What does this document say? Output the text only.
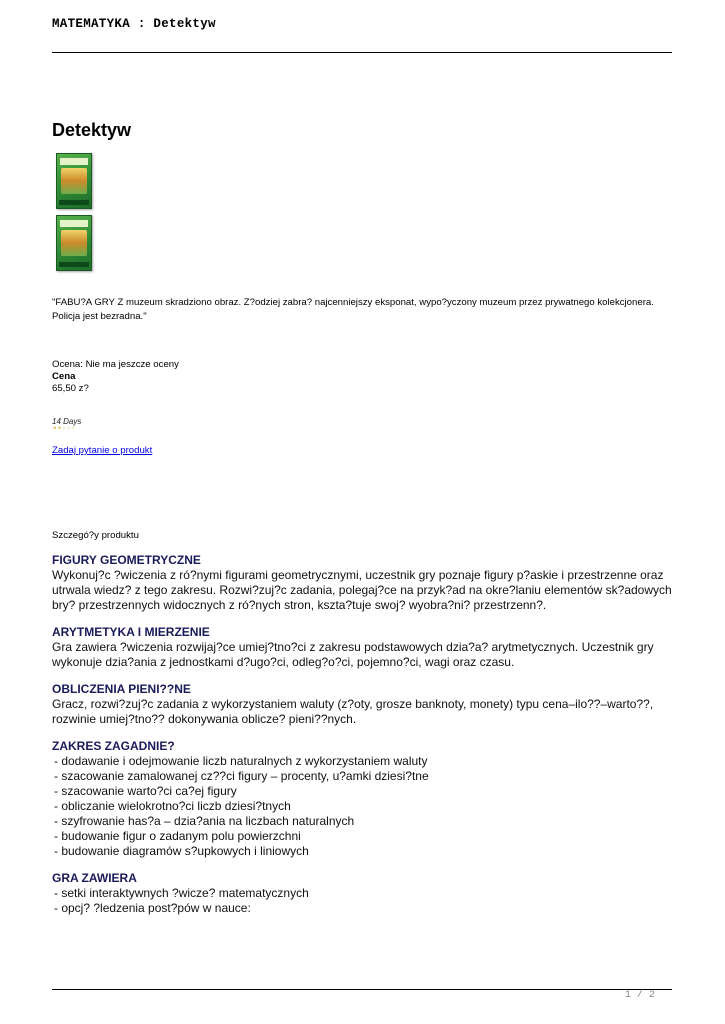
MATEMATYKA : Detektyw
Detektyw
"FABU?A GRY Z muzeum skradziono obraz. Z?odziej zabra? najcenniejszy eksponat, wypo?yczony muzeum przez prywatnego kolekcjonera. Policja jest bezradna."
Ocena: Nie ma jeszcze oceny
Cena
65,50 z?
14 Days
★★☆☆☆
Zadaj pytanie o produkt
Szczegó?y produktu
FIGURY GEOMETRYCZNE

Wykonuj?c ?wiczenia z ró?nymi figurami geometrycznymi, uczestnik gry poznaje figury p?askie i przestrzenne oraz utrwala wiedz? z tego zakresu. Rozwi?zuj?c zadania, polegaj?ce na przyk?ad na okre?laniu elementów sk?adowych bry? przestrzennych widocznych z ró?nych stron, kszta?tuje swoj? wyobra?ni? przestrzenn?.

ARYTMETYKA I MIERZENIE

Gra zawiera ?wiczenia rozwijaj?ce umiej?tno?ci z zakresu podstawowych dzia?a? arytmetycznych. Uczestnik gry wykonuje dzia?ania z jednostkami d?ugo?ci, odleg?o?ci, pojemno?ci, wagi oraz czasu.

OBLICZENIA PIENI??NE

Gracz, rozwi?zuj?c zadania z wykorzystaniem waluty (z?oty, grosze banknoty, monety) typu cena–ilo??–warto??, rozwinie umiej?tno?? dokonywania oblicze? pieni??nych.

ZAKRES ZAGADNIE?
- dodawanie i odejmowanie liczb naturalnych z wykorzystaniem waluty
- szacowanie zamalowanej cz??ci figury – procenty, u?amki dziesi?tne
- szacowanie warto?ci ca?ej figury
- obliczanie wielokrotno?ci liczb dziesi?tnych
- szyfrowanie has?a – dzia?ania na liczbach naturalnych
- budowanie figur o zadanym polu powierzchni
- budowanie diagramów s?upkowych i liniowych
GRA ZAWIERA
- setki interaktywnych ?wicze? matematycznych
- opcj? ?ledzenia post?pów w nauce:
1 / 2
